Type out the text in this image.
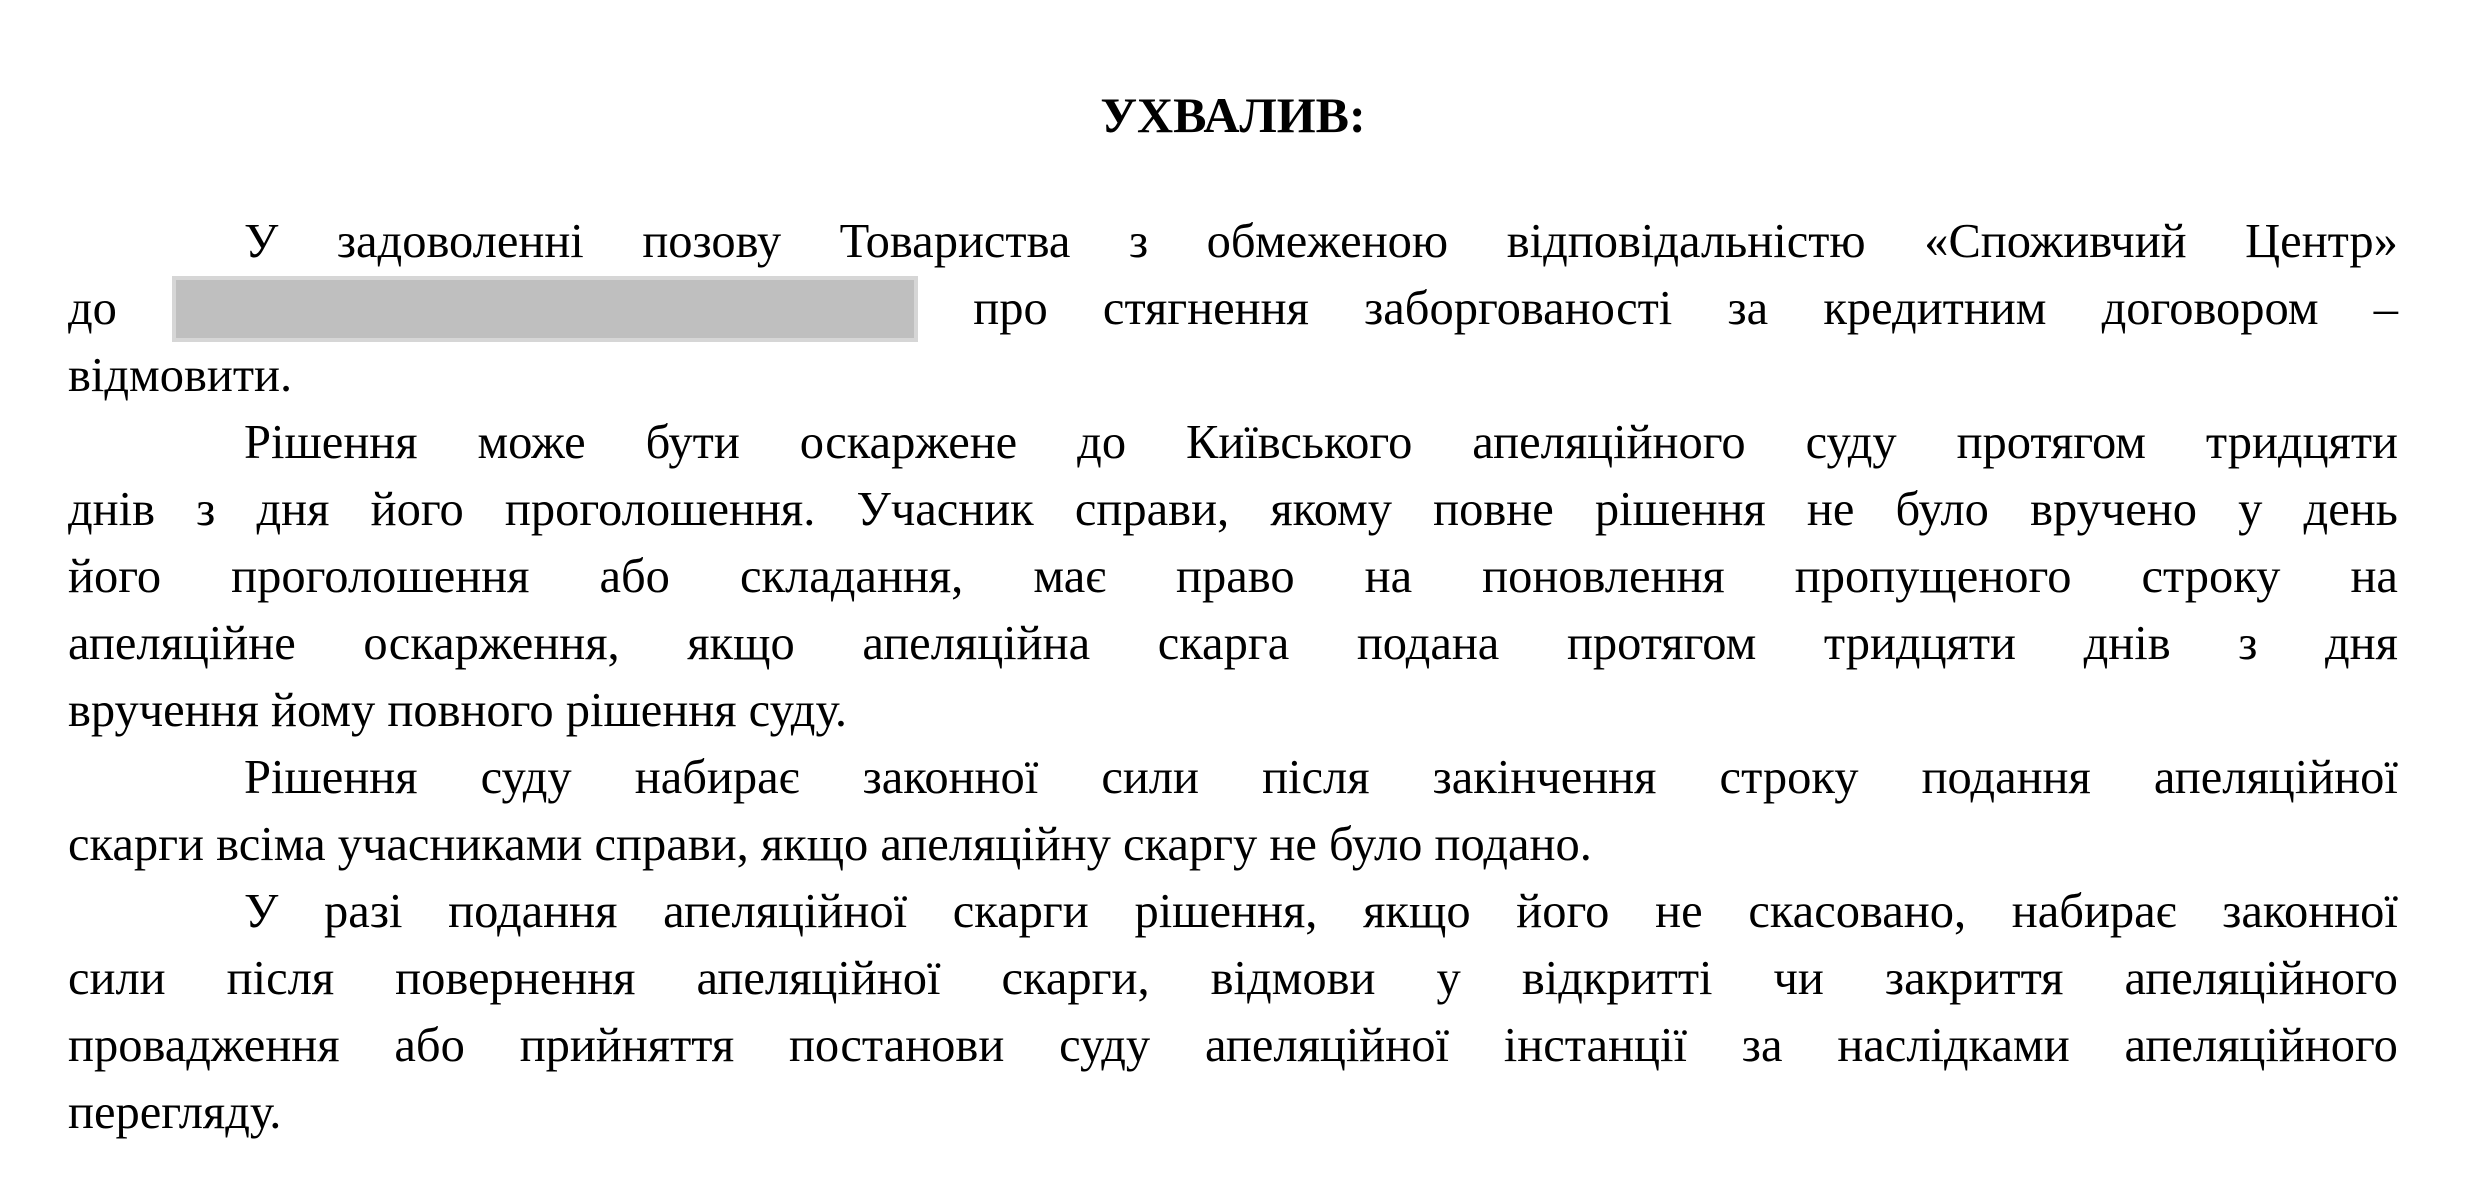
УХВАЛИВ:
У задоволенні позову Товариства з обмеженою відповідальністю «Споживчий Центр»
до	про стягнення заборгованості за кредитним договором –
відмовити.
Рішення може бути оскаржене до Київського апеляційного суду протягом тридцяти
днів з дня його проголошення. Учасник справи, якому повне рішення не було вручено у день
його проголошення або складання, має право на поновлення пропущеного строку на
апеляційне оскарження, якщо апеляційна скарга подана протягом тридцяти днів з дня
вручення йому повного рішення суду.
Рішення суду набирає законної сили після закінчення строку подання апеляційної
скарги всіма учасниками справи, якщо апеляційну скаргу не було подано.
У разі подання апеляційної скарги рішення, якщо його не скасовано, набирає законної
сили після повернення апеляційної скарги, відмови у відкритті чи закриття апеляційного
провадження або прийняття постанови суду апеляційної інстанції за наслідками апеляційного
перегляду.
